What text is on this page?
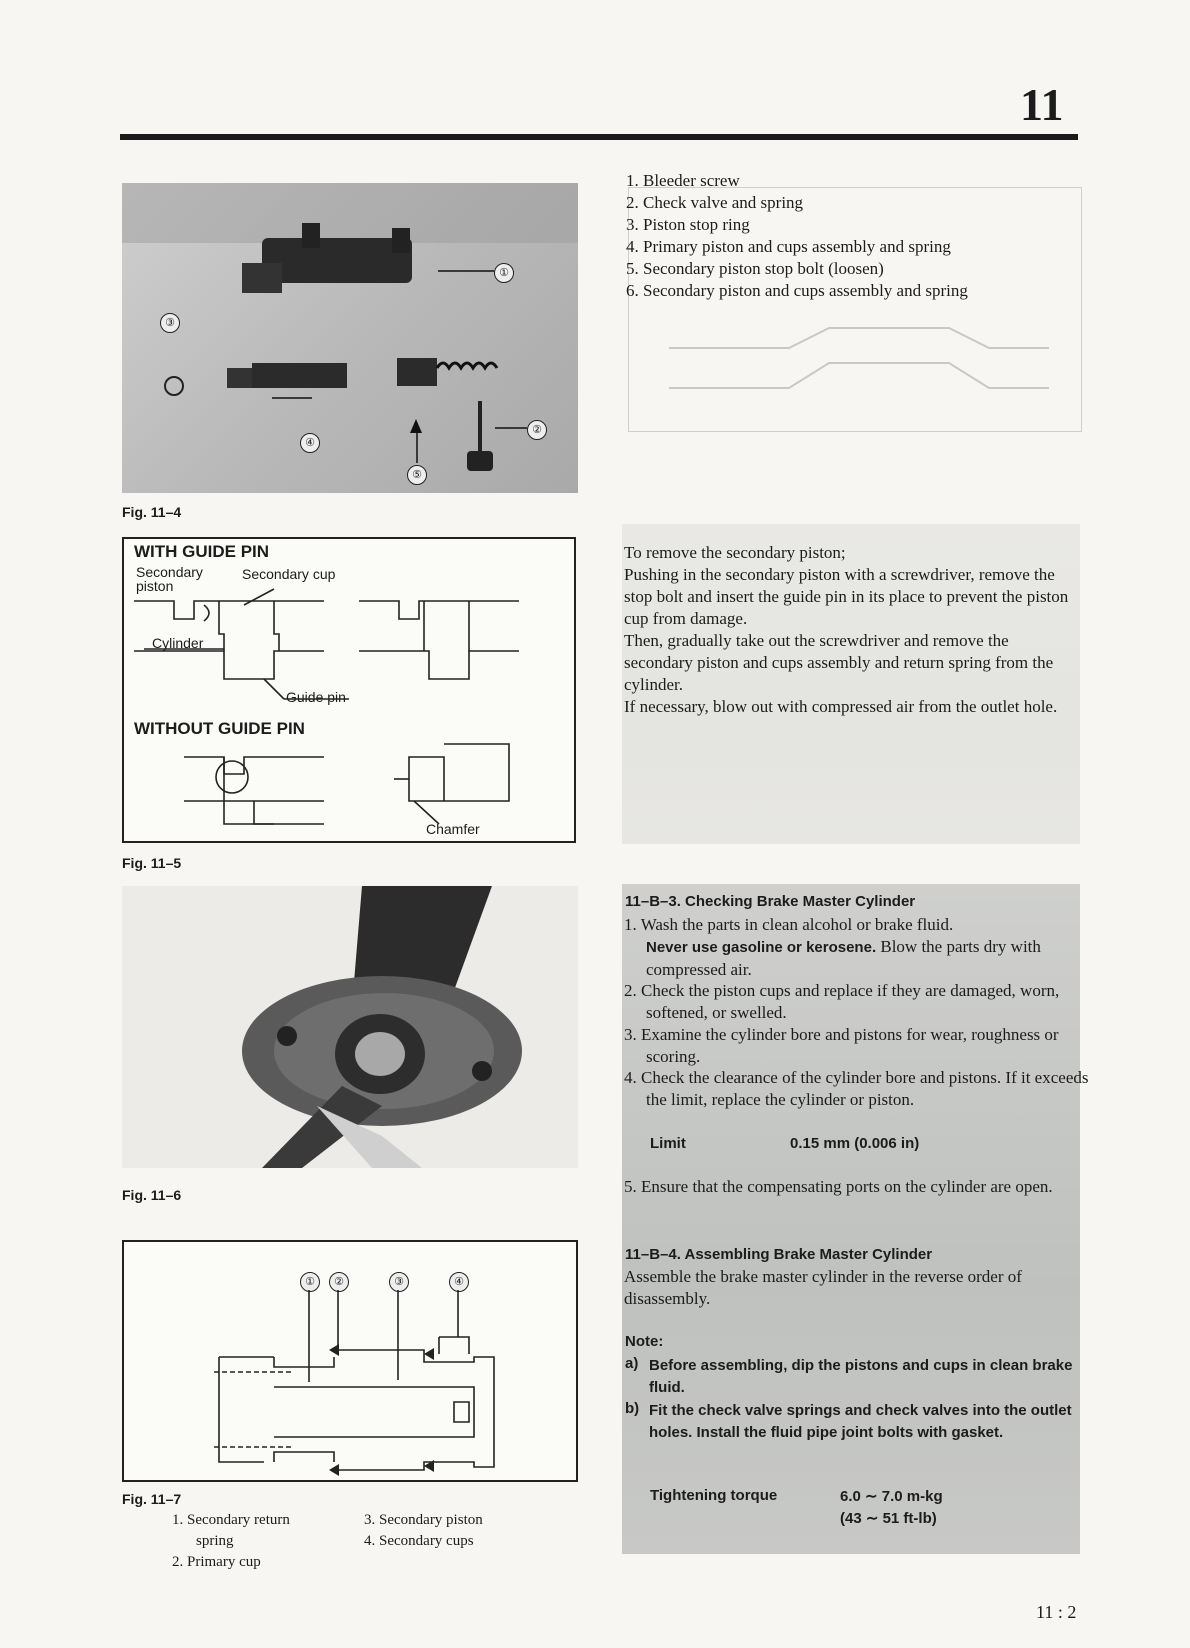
11
①
②
③
④
⑤
Fig. 11–4
1. Bleeder screw
2. Check valve and spring
3. Piston stop ring
4. Primary piston and cups assembly and spring
5. Secondary piston stop bolt (loosen)
6. Secondary piston and cups assembly and spring
WITH GUIDE PIN
Secondary piston
Secondary cup
Cylinder
Guide pin
WITHOUT GUIDE PIN
Chamfer
Fig. 11–5

To remove the secondary piston;

Pushing in the secondary piston with a screwdriver, remove the stop bolt and insert the guide pin in its place to prevent the piston cup from damage.

Then, gradually take out the screwdriver and remove the secondary piston and cups assembly and return spring from the cylinder.

If necessary, blow out with compressed air from the outlet hole.

Fig. 11–6
11–B–3. Checking Brake Master Cylinder
1. Wash the parts in clean alcohol or brake fluid.
Never use gasoline or kerosene. Blow the parts dry with compressed air.
2. Check the piston cups and replace if they are damaged, worn, softened, or swelled.
3. Examine the cylinder bore and pistons for wear, roughness or scoring.
4. Check the clearance of the cylinder bore and pistons. If it exceeds the limit, replace the cylinder or piston.
Limit	0.15 mm (0.006 in)
5. Ensure that the compensating ports on the cylinder are open.
11–B–4. Assembling Brake Master Cylinder
Assemble the brake master cylinder in the reverse order of disassembly.
Note:
a) Before assembling, dip the pistons and cups in clean brake fluid.
b) Fit the check valve springs and check valves into the outlet holes. Install the fluid pipe joint bolts with gasket.
Tightening torque	6.0 ∼ 7.0 m-kg
(43 ∼ 51 ft-lb)
①	②	③	④
Fig. 11–7
1. Secondary return
spring
2. Primary cup
3. Secondary piston
4. Secondary cups
11 : 2
